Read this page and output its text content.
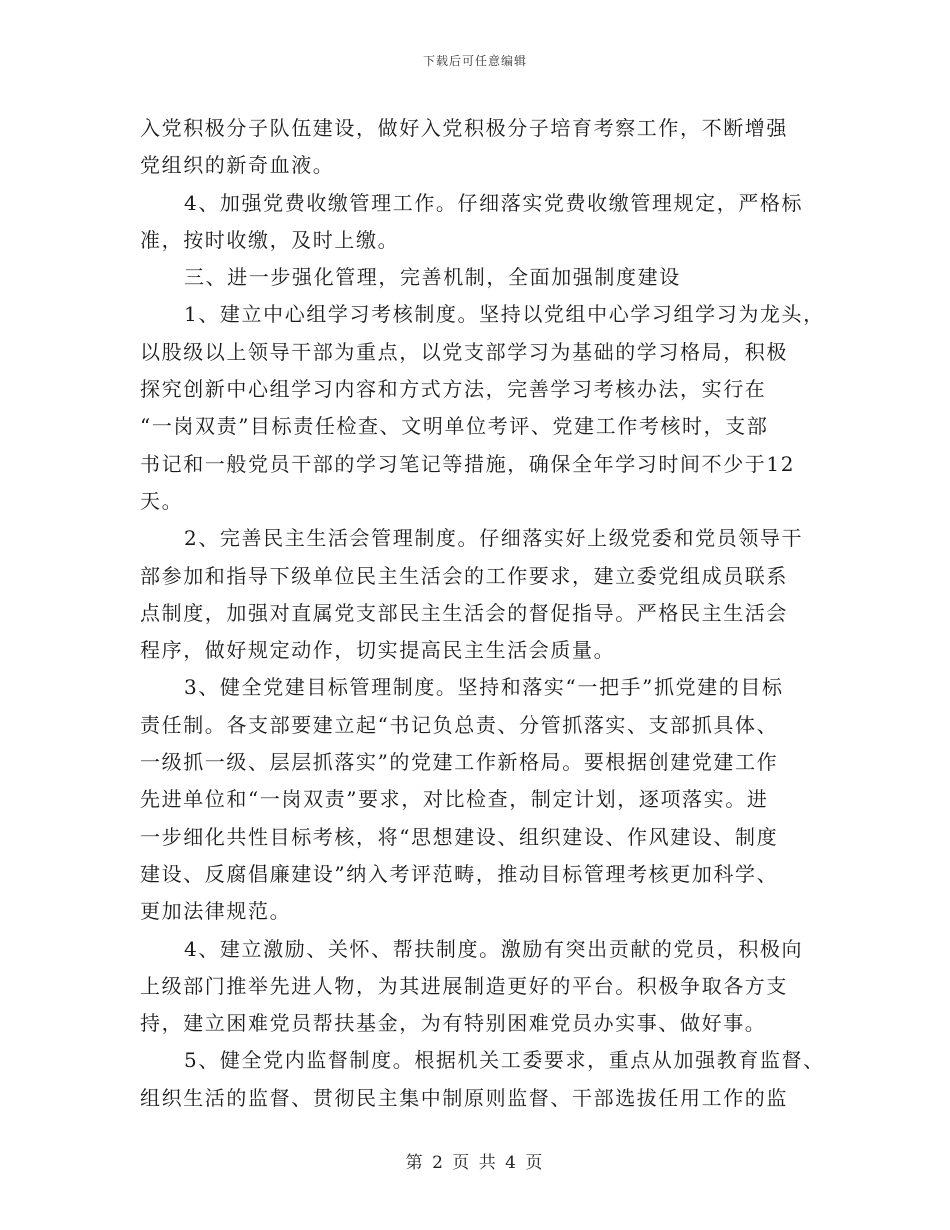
下载后可任意编辑
入党积极分子队伍建设，做好入党积极分子培育考察工作，不断增强
党组织的新奇血液。
4、加强党费收缴管理工作。仔细落实党费收缴管理规定，严格标
准，按时收缴，及时上缴。
三、进一步强化管理，完善机制，全面加强制度建设
1、建立中心组学习考核制度。坚持以党组中心学习组学习为龙头，
以股级以上领导干部为重点，以党支部学习为基础的学习格局，积极
探究创新中心组学习内容和方式方法，完善学习考核办法，实行在
“一岗双责”目标责任检查、文明单位考评、党建工作考核时，支部
书记和一般党员干部的学习笔记等措施，确保全年学习时间不少于12
天。
2、完善民主生活会管理制度。仔细落实好上级党委和党员领导干
部参加和指导下级单位民主生活会的工作要求，建立委党组成员联系
点制度，加强对直属党支部民主生活会的督促指导。严格民主生活会
程序，做好规定动作，切实提高民主生活会质量。
3、健全党建目标管理制度。坚持和落实“一把手”抓党建的目标
责任制。各支部要建立起“书记负总责、分管抓落实、支部抓具体、
一级抓一级、层层抓落实”的党建工作新格局。要根据创建党建工作
先进单位和“一岗双责”要求，对比检查，制定计划，逐项落实。进
一步细化共性目标考核，将“思想建设、组织建设、作风建设、制度
建设、反腐倡廉建设”纳入考评范畴，推动目标管理考核更加科学、
更加法律规范。
4、建立激励、关怀、帮扶制度。激励有突出贡献的党员，积极向
上级部门推举先进人物，为其进展制造更好的平台。积极争取各方支
持，建立困难党员帮扶基金，为有特别困难党员办实事、做好事。
5、健全党内监督制度。根据机关工委要求，重点从加强教育监督、
组织生活的监督、贯彻民主集中制原则监督、干部选拔任用工作的监
第 2 页 共 4 页
